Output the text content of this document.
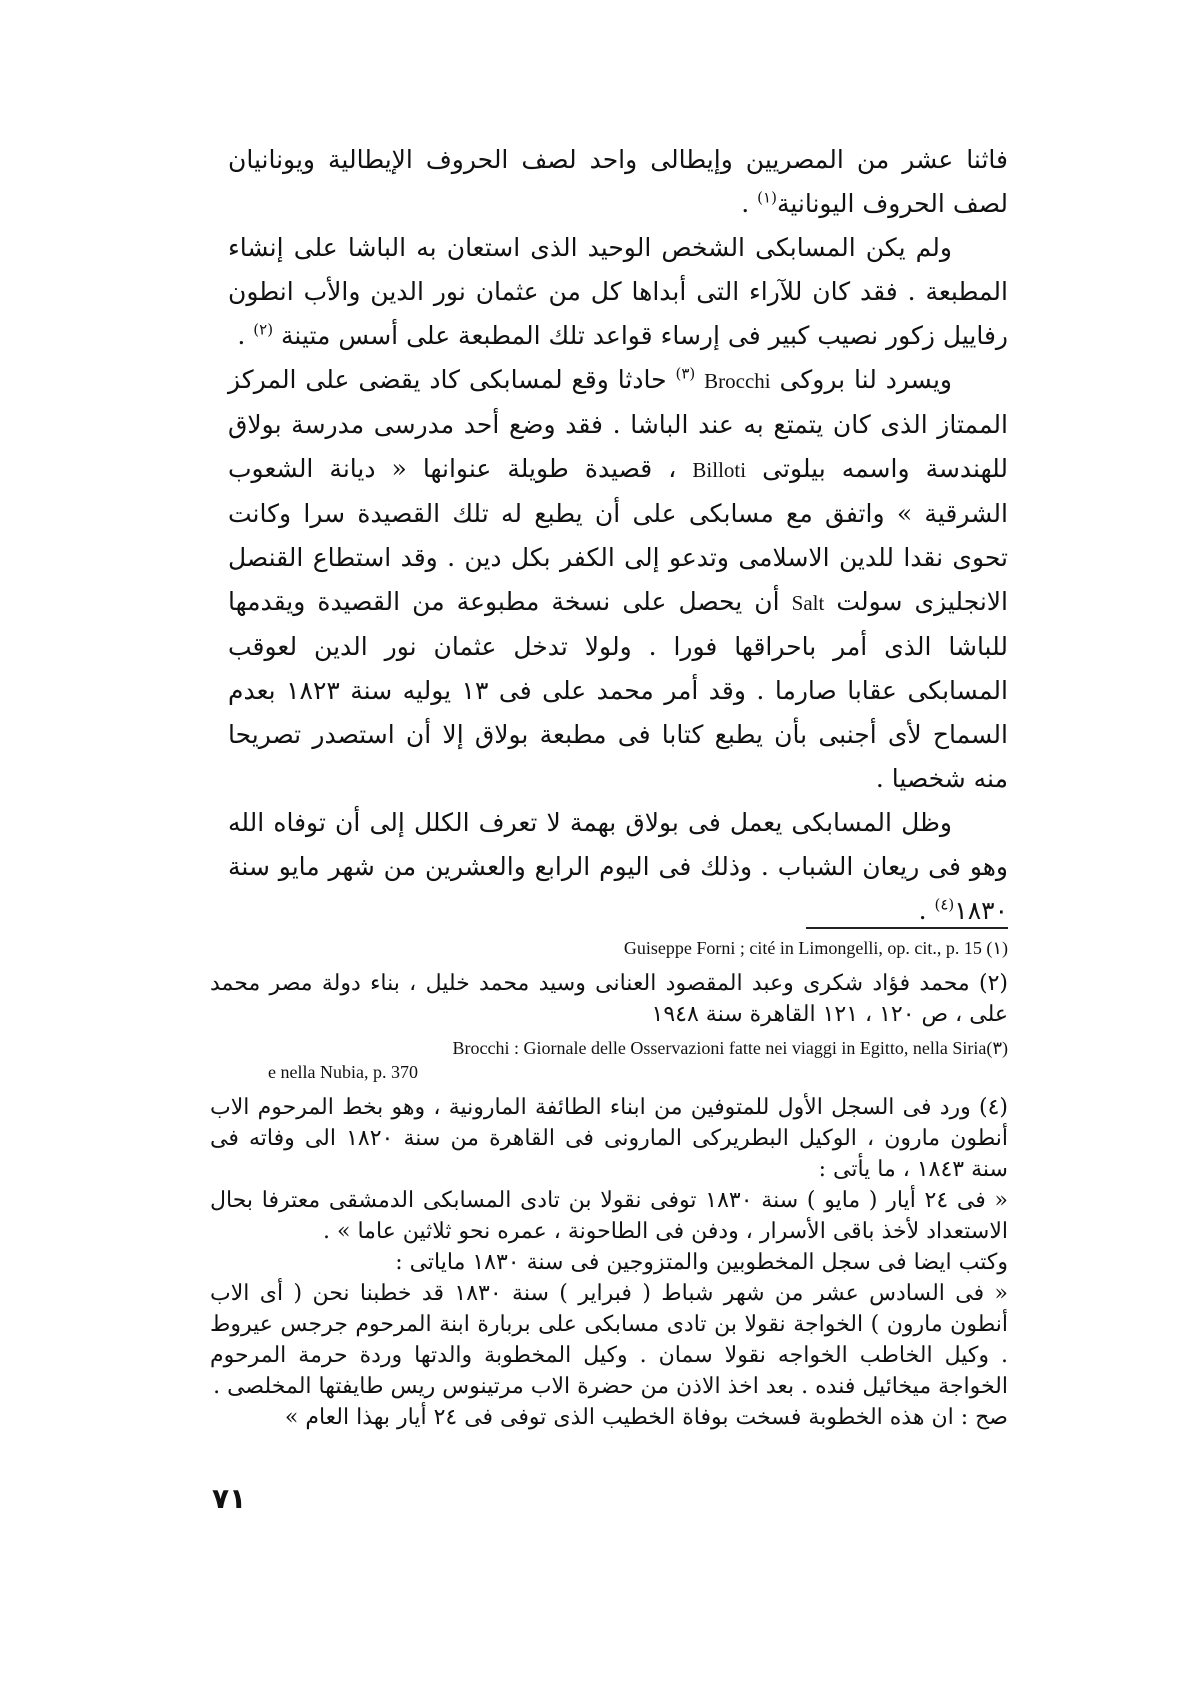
فاثنا عشر من المصريين وإيطالى واحد لصف الحروف الإيطالية ويونانيان لصف الحروف اليونانية$^{(١)}$ .

ولم يكن المسابكى الشخص الوحيد الذى استعان به الباشا على إنشاء المطبعة . فقد كان للآراء التى أبداها كل من عثمان نور الدين والأب انطون رفاييل زكور نصيب كبير فى إرساء قواعد تلك المطبعة على أسس متينة $^{(٢)}$ .

ويسرد لنا بروكى Brocchi $^{(٣)}$ حادثا وقع لمسابكى كاد يقضى على المركز الممتاز الذى كان يتمتع به عند الباشا . فقد وضع أحد مدرسى مدرسة بولاق للهندسة واسمه بيلوتى Billoti ، قصيدة طويلة عنوانها « ديانة الشعوب الشرقية » واتفق مع مسابكى على أن يطبع له تلك القصيدة سرا وكانت تحوى نقدا للدين الاسلامى وتدعو إلى الكفر بكل دين . وقد استطاع القنصل الانجليزى سولت Salt أن يحصل على نسخة مطبوعة من القصيدة ويقدمها للباشا الذى أمر باحراقها فورا . ولولا تدخل عثمان نور الدين لعوقب المسابكى عقابا صارما . وقد أمر محمد على فى ١٣ يوليه سنة ١٨٢٣ بعدم السماح لأى أجنبى بأن يطبع كتابا فى مطبعة بولاق إلا أن استصدر تصريحا منه شخصيا .

وظل المسابكى يعمل فى بولاق بهمة لا تعرف الكلل إلى أن توفاه الله وهو فى ريعان الشباب . وذلك فى اليوم الرابع والعشرين من شهر مايو سنة ١٨٣٠$^{(٤)}$ .

Guiseppe Forni ; cité in Limongelli, op. cit., p. 15 (١)

(٢) محمد فؤاد شكرى وعبد المقصود العنانى وسيد محمد خليل ، بناء دولة مصر محمد على ، ص ١٢٠ ، ١٢١ القاهرة سنة ١٩٤٨

Brocchi : Giornale delle Osservazioni fatte nei viaggi in Egitto, nella Siria(٣)
e nella Nubia, p. 370

(٤) ورد فى السجل الأول للمتوفين من ابناء الطائفة المارونية ، وهو بخط المرحوم الاب أنطون مارون ، الوكيل البطريركى المارونى فى القاهرة من سنة ١٨٢٠ الى وفاته فى سنة ١٨٤٣ ، ما يأتى :

« فى ٢٤ أيار ( مايو ) سنة ١٨٣٠ توفى نقولا بن تادى المسابكى الدمشقى معترفا بحال الاستعداد لأخذ باقى الأسرار ، ودفن فى الطاحونة ، عمره نحو ثلاثين عاما » .

وكتب ايضا فى سجل المخطوبين والمتزوجين فى سنة ١٨٣٠ ماياتى :

« فى السادس عشر من شهر شباط ( فبراير ) سنة ١٨٣٠ قد خطبنا نحن ( أى الاب أنطون مارون ) الخواجة نقولا بن تادى مسابكى على بربارة ابنة المرحوم جرجس عيروط . وكيل الخاطب الخواجه نقولا سمان . وكيل المخطوبة والدتها وردة حرمة المرحوم الخواجة ميخائيل فنده . بعد اخذ الاذن من حضرة الاب مرتينوس ريس طايفتها المخلصى .

صح : ان هذه الخطوبة فسخت بوفاة الخطيب الذى توفى فى ٢٤ أيار بهذا العام »

٧١
